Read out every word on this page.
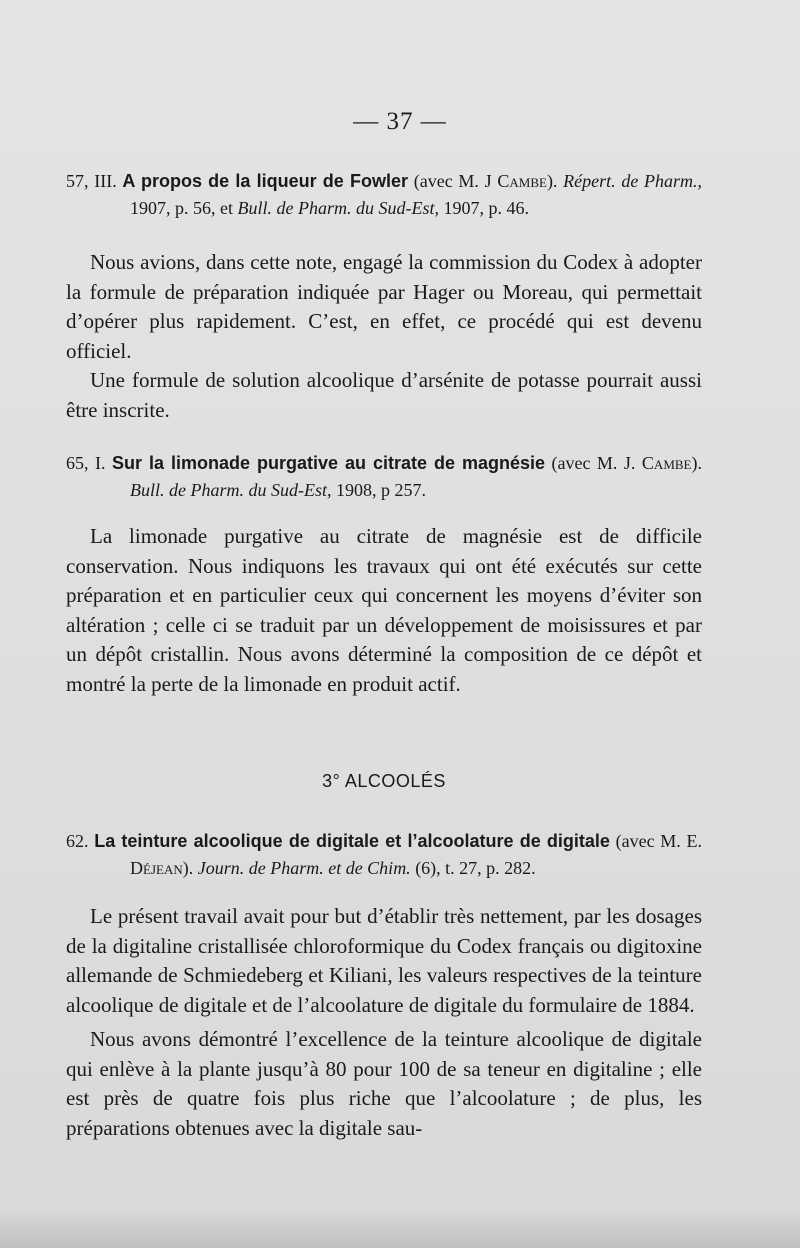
— 37 —
57, III. A propos de la liqueur de Fowler (avec M. J Cambe). Répert. de Pharm., 1907, p. 56, et Bull. de Pharm. du Sud-Est, 1907, p. 46.

Nous avions, dans cette note, engagé la commission du Codex à adopter la formule de préparation indiquée par Hager ou Moreau, qui permettait d’opérer plus rapidement. C’est, en effet, ce procédé qui est devenu officiel.

Une formule de solution alcoolique d’arsénite de potasse pourrait aussi être inscrite.

65, I. Sur la limonade purgative au citrate de magnésie (avec M. J. Cambe). Bull. de Pharm. du Sud-Est, 1908, p 257.

La limonade purgative au citrate de magnésie est de difficile conservation. Nous indiquons les travaux qui ont été exécutés sur cette préparation et en particulier ceux qui concernent les moyens d’éviter son altération ; celle ci se traduit par un développement de moisissures et par un dépôt cristallin. Nous avons déterminé la composition de ce dépôt et montré la perte de la limonade en produit actif.

3° ALCOOLÉS
62. La teinture alcoolique de digitale et l’alcoolature de digitale (avec M. E. Déjean). Journ. de Pharm. et de Chim. (6), t. 27, p. 282.

Le présent travail avait pour but d’établir très nettement, par les dosages de la digitaline cristallisée chloroformique du Codex français ou digitoxine allemande de Schmiedeberg et Kiliani, les valeurs respectives de la teinture alcoolique de digitale et de l’alcoolature de digitale du formulaire de 1884.

Nous avons démontré l’excellence de la teinture alcoolique de digitale qui enlève à la plante jusqu’à 80 pour 100 de sa teneur en digitaline ; elle est près de quatre fois plus riche que l’alcoolature ; de plus, les préparations obtenues avec la digitale sau-
